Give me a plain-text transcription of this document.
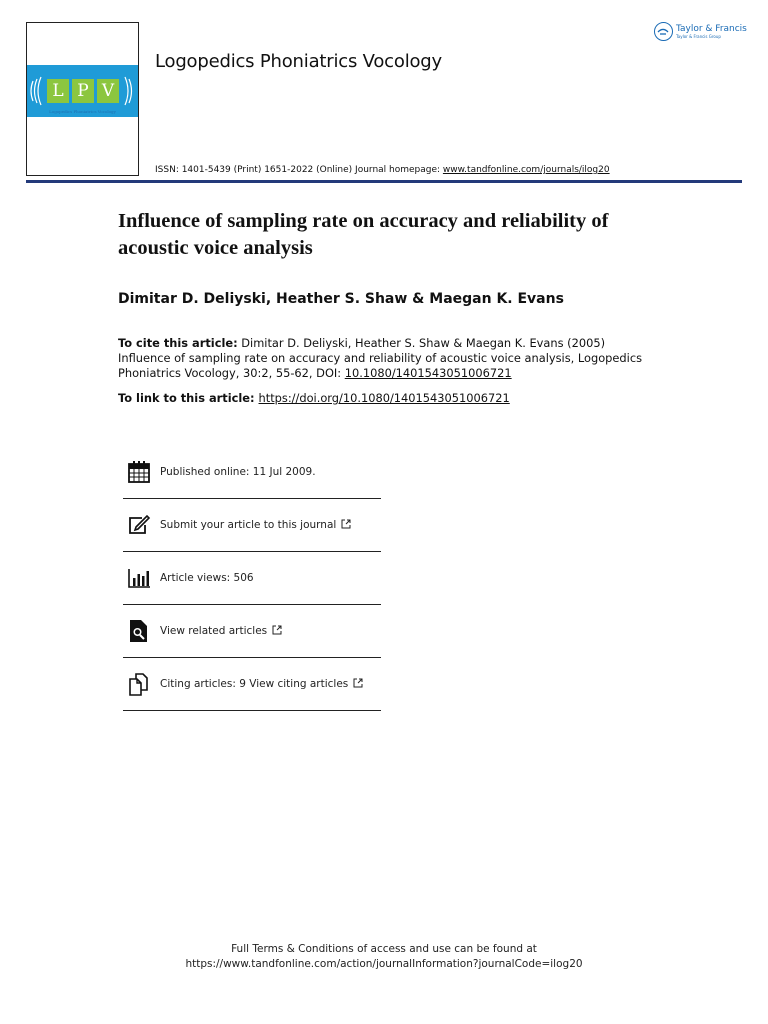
L P V
Logopedics Phoniatrics Vocology
Logopedics Phoniatrics Vocology
Taylor & Francis
Taylor & Francis Group
ISSN: 1401-5439 (Print) 1651-2022 (Online) Journal homepage: www.tandfonline.com/journals/ilog20
Influence of sampling rate on accuracy and reliability of acoustic voice analysis
Dimitar D. Deliyski, Heather S. Shaw & Maegan K. Evans
To cite this article: Dimitar D. Deliyski, Heather S. Shaw & Maegan K. Evans (2005) Influence of sampling rate on accuracy and reliability of acoustic voice analysis, Logopedics Phoniatrics Vocology, 30:2, 55-62, DOI: 10.1080/1401543051006721
To link to this article: https://doi.org/10.1080/1401543051006721
Published online: 11 Jul 2009.
Submit your article to this journal
Article views: 506
View related articles
Citing articles: 9 View citing articles
Full Terms & Conditions of access and use can be found at
https://www.tandfonline.com/action/journalInformation?journalCode=ilog20
